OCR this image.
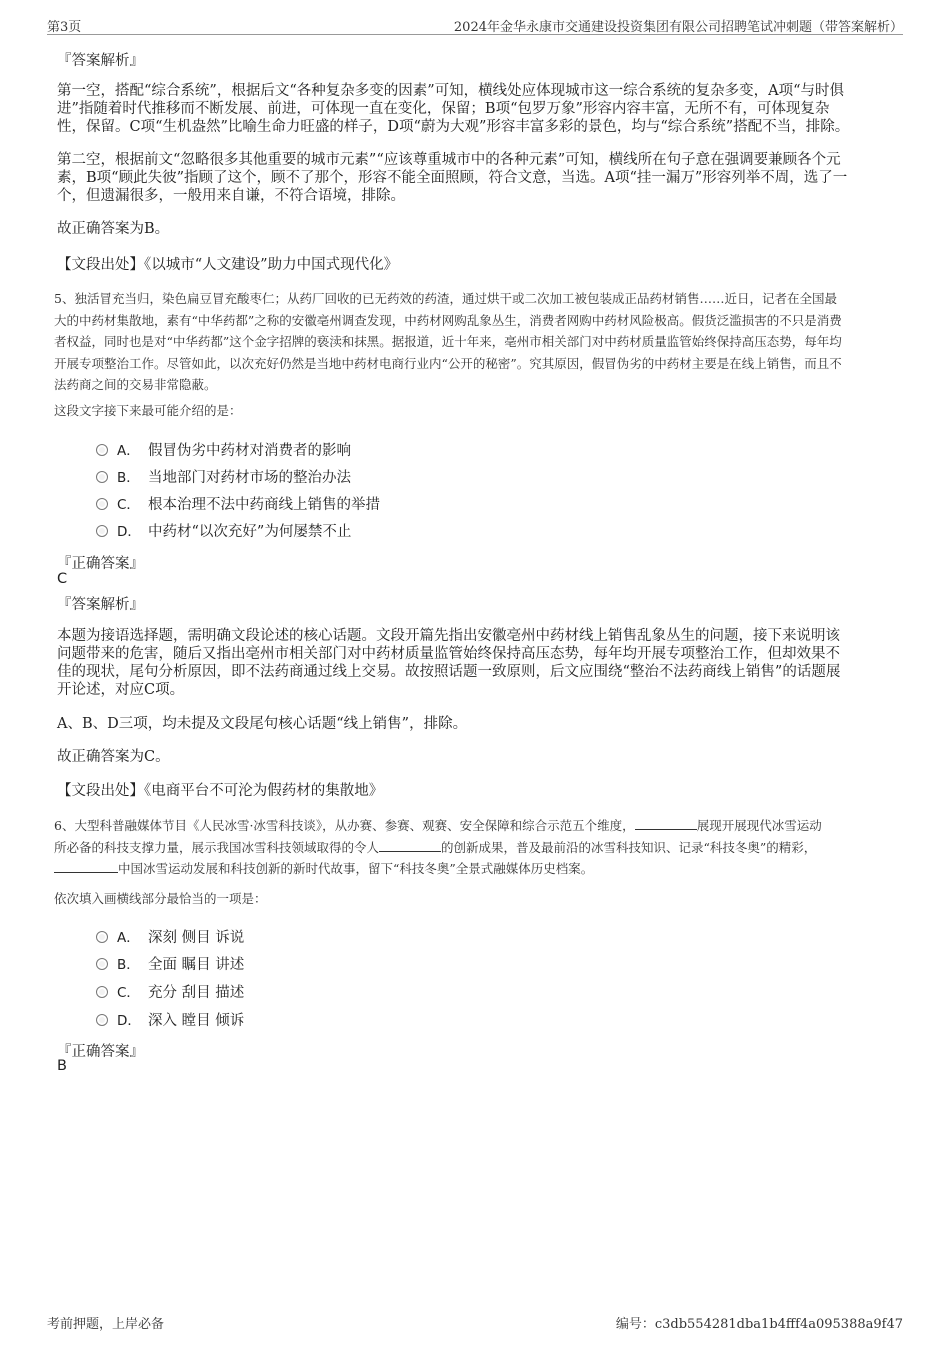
第3页	2024年金华永康市交通建设投资集团有限公司招聘笔试冲刺题（带答案解析）
『答案解析』
第一空，搭配“综合系统”，根据后文“各种复杂多变的因素”可知，横线处应体现城市这一综合系统的复杂多变，A项“与时俱
进”指随着时代推移而不断发展、前进，可体现一直在变化，保留；B项“包罗万象”形容内容丰富，无所不有，可体现复杂
性，保留。C项“生机盎然”比喻生命力旺盛的样子，D项“蔚为大观”形容丰富多彩的景色，均与“综合系统”搭配不当，排除。
第二空，根据前文“忽略很多其他重要的城市元素”“应该尊重城市中的各种元素”可知，横线所在句子意在强调要兼顾各个元
素，B项“顾此失彼”指顾了这个，顾不了那个，形容不能全面照顾，符合文意，当选。A项“挂一漏万”形容列举不周，选了一
个，但遗漏很多，一般用来自谦，不符合语境，排除。
故正确答案为B。
【文段出处】《以城市“人文建设”助力中国式现代化》
5、独活冒充当归，染色扁豆冒充酸枣仁；从药厂回收的已无药效的药渣，通过烘干或二次加工被包装成正品药材销售……近日，记者在全国最
大的中药材集散地，素有“中华药都”之称的安徽亳州调查发现，中药材网购乱象丛生，消费者网购中药材风险极高。假货泛滥损害的不只是消费
者权益，同时也是对“中华药都”这个金字招牌的亵渎和抹黑。据报道，近十年来，亳州市相关部门对中药材质量监管始终保持高压态势，每年均
开展专项整治工作。尽管如此，以次充好仍然是当地中药材电商行业内“公开的秘密”。究其原因，假冒伪劣的中药材主要是在线上销售，而且不
法药商之间的交易非常隐蔽。
这段文字接下来最可能介绍的是：
A． 假冒伪劣中药材对消费者的影响
B． 当地部门对药材市场的整治办法
C． 根本治理不法中药商线上销售的举措
D． 中药材“以次充好”为何屡禁不止
『正确答案』
C
『答案解析』
本题为接语选择题，需明确文段论述的核心话题。文段开篇先指出安徽亳州中药材线上销售乱象丛生的问题，接下来说明该
问题带来的危害，随后又指出亳州市相关部门对中药材质量监管始终保持高压态势，每年均开展专项整治工作，但却效果不
佳的现状，尾句分析原因，即不法药商通过线上交易。故按照话题一致原则，后文应围绕“整治不法药商线上销售”的话题展
开论述，对应C项。
A、B、D三项，均未提及文段尾句核心话题“线上销售”，排除。
故正确答案为C。
【文段出处】《电商平台不可沦为假药材的集散地》
6、大型科普融媒体节目《人民冰雪·冰雪科技谈》，从办赛、参赛、观赛、安全保障和综合示范五个维度，	展现开展现代冰雪运动
所必备的科技支撑力量，展示我国冰雪科技领域取得的令人	的创新成果，普及最前沿的冰雪科技知识、记录“科技冬奥”的精彩，
中国冰雪运动发展和科技创新的新时代故事，留下“科技冬奥”全景式融媒体历史档案。
依次填入画横线部分最恰当的一项是：
A． 深刻 侧目 诉说
B． 全面 瞩目 讲述
C． 充分 刮目 描述
D． 深入 瞠目 倾诉
『正确答案』
B
考前押题，上岸必备	编号：c3db554281dba1b4fff4a095388a9f47
